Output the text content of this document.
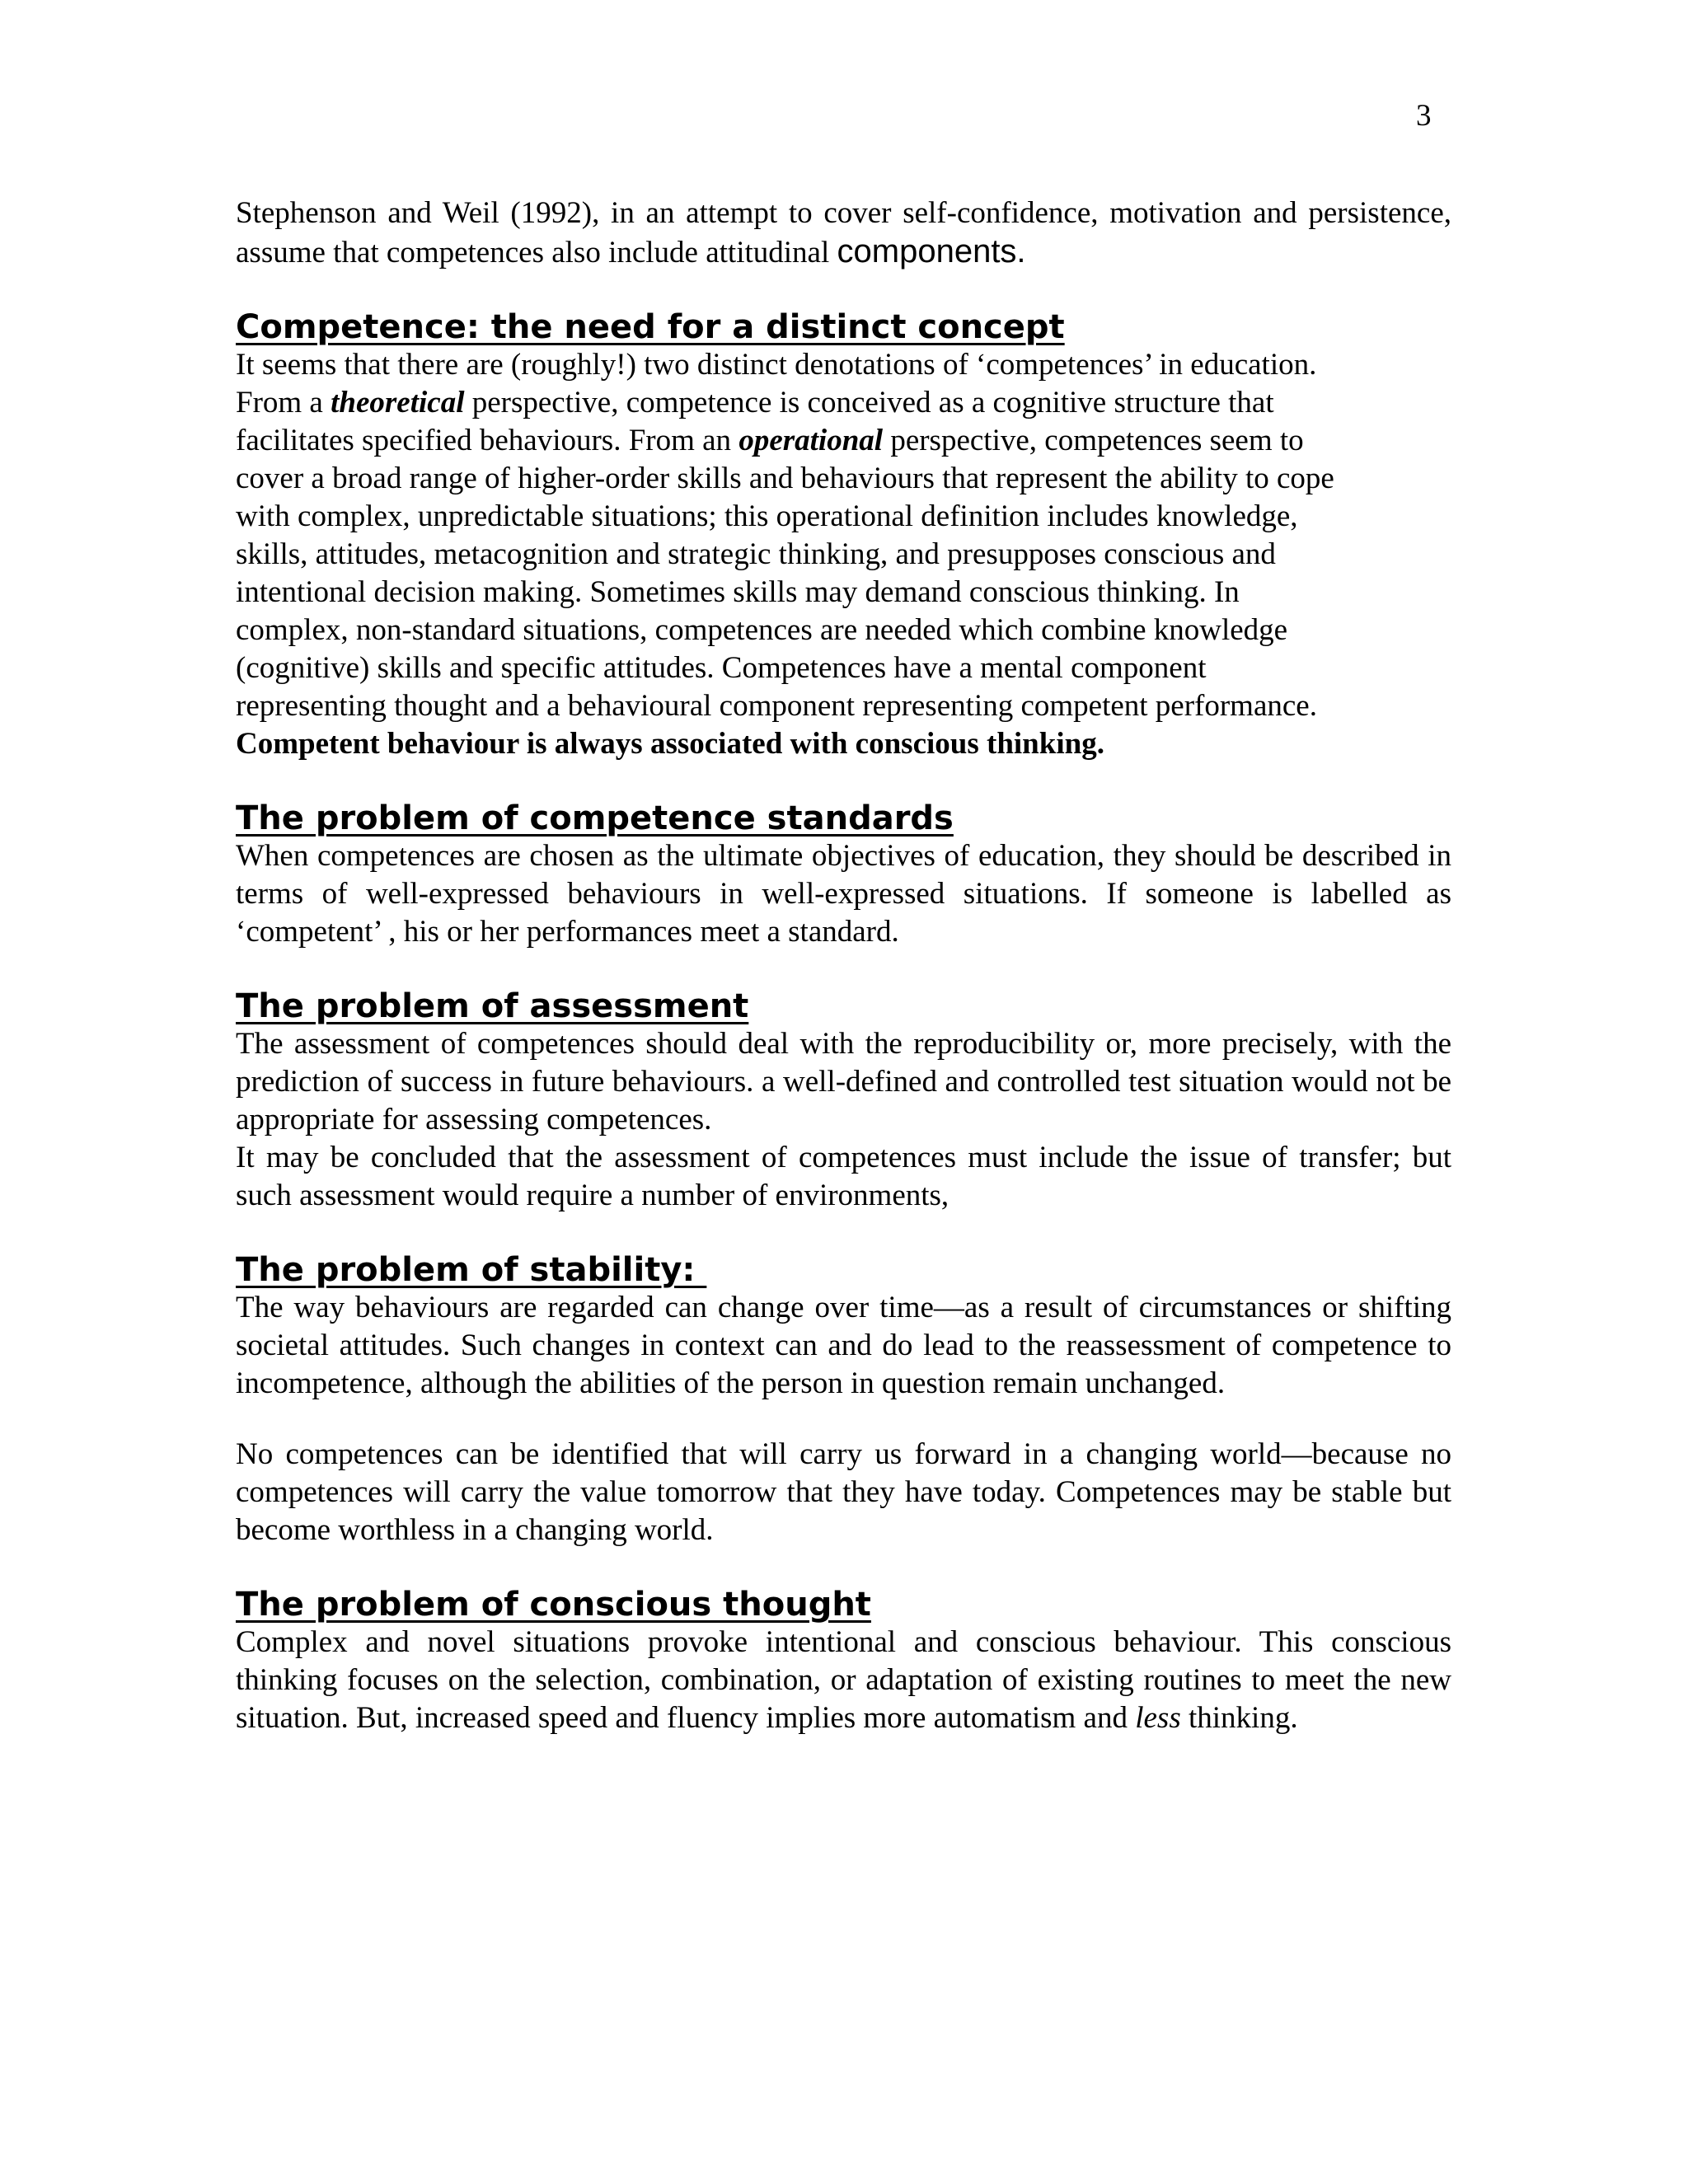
3

Stephenson and Weil (1992), in an attempt to cover self-confidence, motivation and persistence, assume that competences also include attitudinal components.

Competence: the need for a distinct concept
It seems that there are (roughly!) two distinct denotations of ‘competences’ in education.
From a theoretical perspective, competence is conceived as a cognitive structure that
facilitates specified behaviours. From an operational perspective, competences seem to
cover a broad range of higher-order skills and behaviours that represent the ability to cope
with complex, unpredictable situations; this operational definition includes knowledge,
skills, attitudes, metacognition and strategic thinking, and presupposes conscious and
intentional decision making. Sometimes skills may demand conscious thinking. In
complex, non-standard situations, competences are needed which combine knowledge
(cognitive) skills and specific attitudes. Competences have a mental component
representing thought and a behavioural component representing competent performance.
Competent behaviour is always associated with conscious thinking.
The problem of competence standards

When competences are chosen as the ultimate objectives of education, they should be described in terms of well-expressed behaviours in well-expressed situations. If someone is labelled as ‘competent’ , his or her performances meet a standard.

The problem of assessment

The assessment of competences should deal with the reproducibility or, more precisely, with the prediction of success in future behaviours. a well-defined and controlled test situation would not be appropriate for assessing competences.

It may be concluded that the assessment of competences must include the issue of transfer; but such assessment would require a number of environments,

The problem of stability:

The way behaviours are regarded can change over time—as a result of circumstances or shifting societal attitudes. Such changes in context can and do lead to the reassessment of competence to incompetence, although the abilities of the person in question remain unchanged.

No competences can be identified that will carry us forward in a changing world—because no competences will carry the value tomorrow that they have today. Competences may be stable but become worthless in a changing world.

The problem of conscious thought

Complex and novel situations provoke intentional and conscious behaviour. This conscious thinking focuses on the selection, combination, or adaptation of existing routines to meet the new situation. But, increased speed and fluency implies more automatism and less thinking.
